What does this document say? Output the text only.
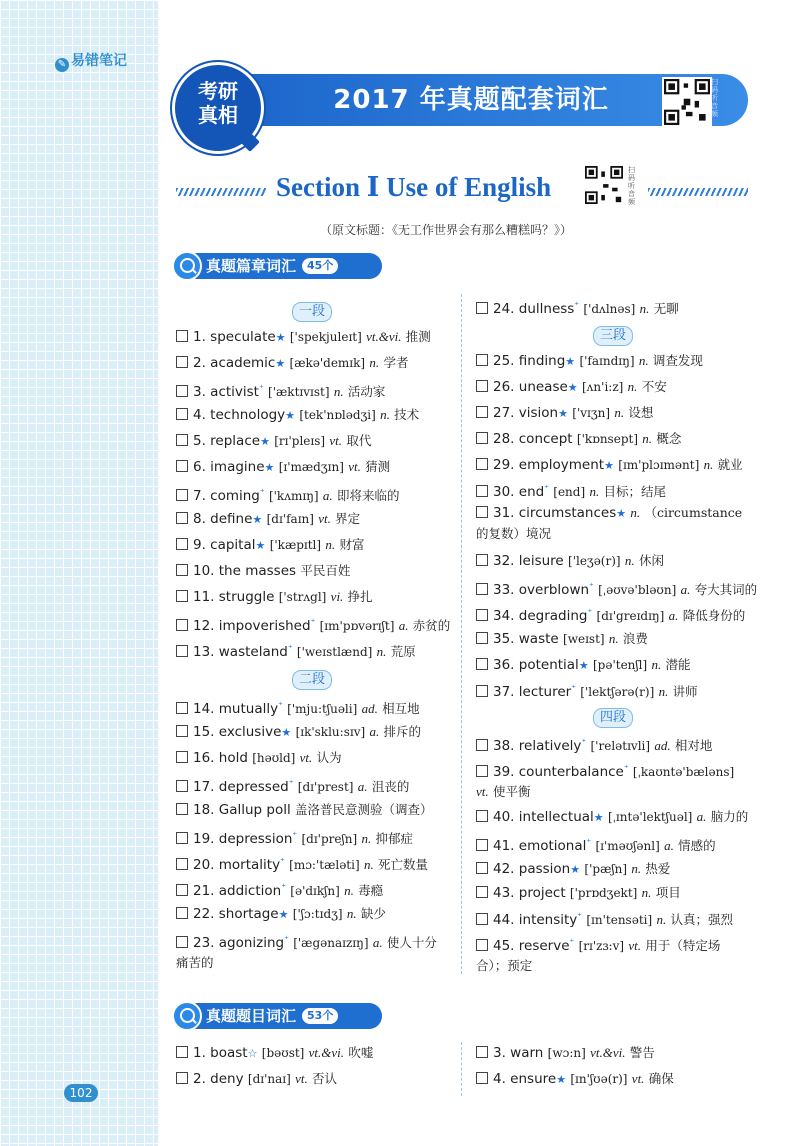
✎ 易错笔记
102
2017 年真题配套词汇
扫码听音频
考研
真相
Section Ⅰ Use of English
扫码听音频
（原文标题：《无工作世界会有那么糟糕吗？》）
真题篇章词汇 45个
一段
二段
三段
四段
真题题目词汇 53个
1. speculate★ ['spekjuleɪt] vt.&vi. 推测
2. academic★ [ækə'demɪk] n. 学者
3. activist⁺ ['æktɪvɪst] n. 活动家
4. technology★ [tek'nɒlədʒi] n. 技术
5. replace★ [rɪ'pleɪs] vt. 取代
6. imagine★ [ɪ'mædʒɪn] vt. 猜测
7. coming⁺ ['kʌmɪŋ] a. 即将来临的
8. define★ [dɪ'faɪn] vt. 界定
9. capital★ ['kæpɪtl] n. 财富
10. the masses 平民百姓
11. struggle ['strʌgl] vi. 挣扎
12. impoverished⁺ [ɪm'pɒvərɪʃt] a. 赤贫的
13. wasteland⁺ ['weɪstlænd] n. 荒原
14. mutually⁺ ['mju:tʃuəli] ad. 相互地
15. exclusive★ [ɪk'sklu:sɪv] a. 排斥的
16. hold [həʊld] vt. 认为
17. depressed⁺ [dɪ'prest] a. 沮丧的
18. Gallup poll 盖洛普民意测验（调查）
19. depression⁺ [dɪ'preʃn] n. 抑郁症
20. mortality⁺ [mɔ:'tæləti] n. 死亡数量
21. addiction⁺ [ə'dɪkʃn] n. 毒瘾
22. shortage★ ['ʃɔ:tɪdʒ] n. 缺少
23. agonizing⁺ ['ægənaɪzɪŋ] a. 使人十分痛苦的
24. dullness⁺ ['dʌlnəs] n. 无聊
25. finding★ ['faɪndɪŋ] n. 调查发现
26. unease★ [ʌn'i:z] n. 不安
27. vision★ ['vɪʒn] n. 设想
28. concept ['kɒnsept] n. 概念
29. employment★ [ɪm'plɔɪmənt] n. 就业
30. end⁺ [end] n. 目标；结尾
31. circumstances★ n. （circumstance 的复数）境况
32. leisure ['leʒə(r)] n. 休闲
33. overblown⁺ [ˌəʊvə'bləʊn] a. 夸大其词的
34. degrading⁺ [dɪ'greɪdɪŋ] a. 降低身份的
35. waste [weɪst] n. 浪费
36. potential★ [pə'tenʃl] n. 潜能
37. lecturer⁺ ['lektʃərə(r)] n. 讲师
38. relatively⁺ ['relətɪvli] ad. 相对地
39. counterbalance⁺ [ˌkaʊntə'bæləns] vt. 使平衡
40. intellectual★ [ˌɪntə'lektʃuəl] a. 脑力的
41. emotional⁺ [ɪ'məʊʃənl] a. 情感的
42. passion★ ['pæʃn] n. 热爱
43. project ['prɒdʒekt] n. 项目
44. intensity⁺ [ɪn'tensəti] n. 认真；强烈
45. reserve⁺ [rɪ'zɜ:v] vt. 用于（特定场合）；预定
1. boast☆ [bəʊst] vt.&vi. 吹嘘
2. deny [dɪ'naɪ] vt. 否认
3. warn [wɔ:n] vt.&vi. 警告
4. ensure★ [ɪn'ʃʊə(r)] vt. 确保
